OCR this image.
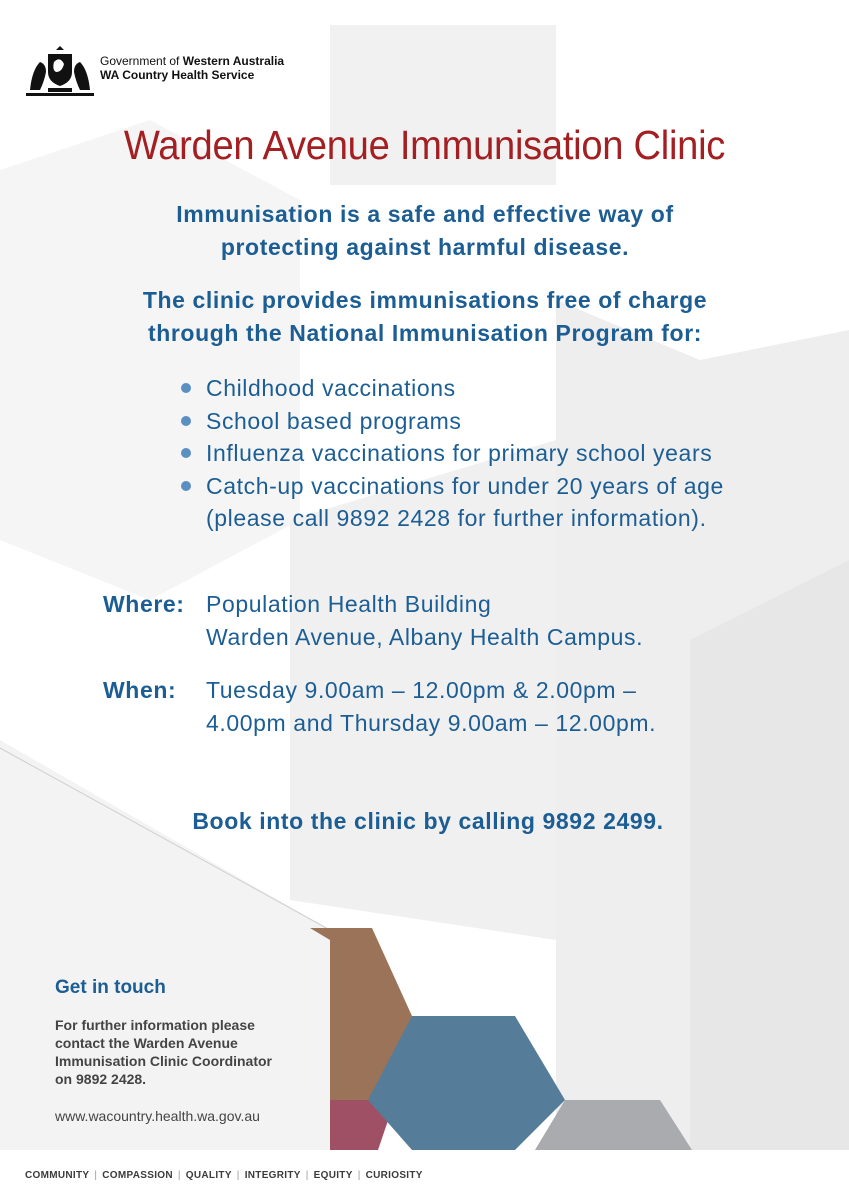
Government of Western Australia
WA Country Health Service
Warden Avenue Immunisation Clinic
Immunisation is a safe and effective way of
protecting against harmful disease.
The clinic provides immunisations free of charge
through the National Immunisation Program for:
Childhood vaccinations
School based programs
Influenza vaccinations for primary school years
Catch-up vaccinations for under 20 years of age
(please call 9892 2428 for further information).
Where: Population Health Building
Warden Avenue, Albany Health Campus.
When: Tuesday 9.00am – 12.00pm & 2.00pm –
4.00pm and Thursday 9.00am – 12.00pm.
Book into the clinic by calling 9892 2499.
Get in touch
For further information please
contact the Warden Avenue
Immunisation Clinic Coordinator
on 9892 2428.
www.wacountry.health.wa.gov.au
COMMUNITY | COMPASSION | QUALITY | INTEGRITY | EQUITY | CURIOSITY
